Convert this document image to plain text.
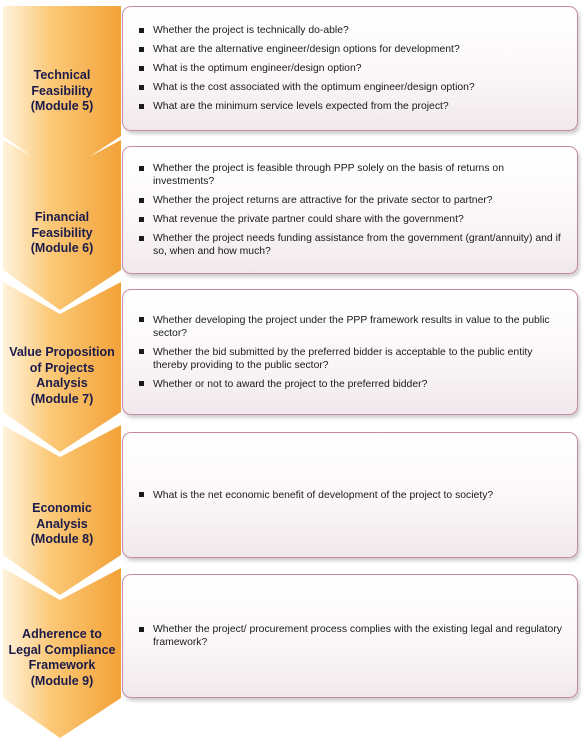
Technical Feasibility
(Module 5)
Whether the project is technically do-able?
What are the alternative engineer/design options for development?
What is the optimum engineer/design option?
What is the cost associated with the optimum engineer/design option?
What are the minimum service levels expected from the project?
Financial Feasibility
(Module 6)
Whether the project is feasible through PPP solely on the basis of returns on investments?
Whether the project returns are attractive for the private sector to partner?
What revenue the private partner could share with the government?
Whether the project needs funding assistance from the government (grant/annuity) and if so, when and how much?
Value Proposition of Projects Analysis
(Module 7)
Whether developing the project under the PPP framework results in value to the public sector?
Whether the bid submitted by the preferred bidder is acceptable to the public entity thereby providing to the public sector?
Whether or not to award the project to the preferred bidder?
Economic Analysis
(Module 8)
What is the net economic benefit of development of the project to society?
Adherence to Legal Compliance Framework
(Module 9)
Whether the project/ procurement process complies with the existing legal and regulatory framework?
